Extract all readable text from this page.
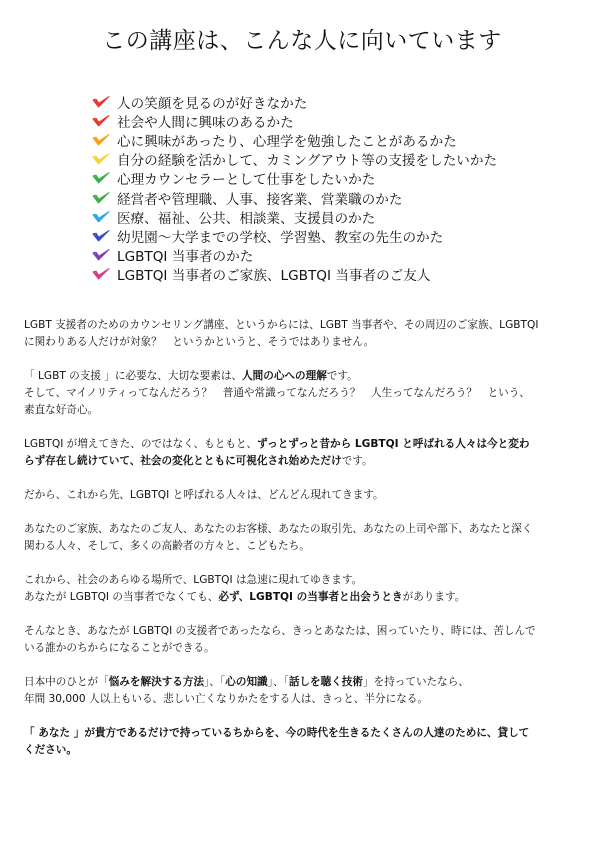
この講座は、こんな人に向いています
人の笑顔を見るのが好きなかた
社会や人間に興味のあるかた
心に興味があったり、心理学を勉強したことがあるかた
自分の経験を活かして、カミングアウト等の支援をしたいかた
心理カウンセラーとして仕事をしたいかた
経営者や管理職、人事、接客業、営業職のかた
医療、福祉、公共、相談業、支援員のかた
幼児園～大学までの学校、学習塾、教室の先生のかた
LGBTQI 当事者のかた
LGBTQI 当事者のご家族、LGBTQI 当事者のご友人

LGBT 支援者のためのカウンセリング講座、というからには、LGBT 当事者や、その周辺のご家族、LGBTQI
に関わりある人だけが対象？　というかというと、そうではありません。

「 LGBT の支援 」に必要な、大切な要素は、人間の心への理解です。
そして、マイノリティってなんだろう？　普通や常識ってなんだろう？　人生ってなんだろう？　という、
素直な好奇心。

LGBTQI が増えてきた、のではなく、もともと、ずっとずっと昔から LGBTQI と呼ばれる人々は今と変わ
らず存在し続けていて、社会の変化とともに可視化され始めただけです。

だから、これから先、LGBTQI と呼ばれる人々は、どんどん現れてきます。

あなたのご家族、あなたのご友人、あなたのお客様、あなたの取引先、あなたの上司や部下、あなたと深く
関わる人々、そして、多くの高齢者の方々と、こどもたち。

これから、社会のあらゆる場所で、LGBTQI は急速に現れてゆきます。
あなたが LGBTQI の当事者でなくても、必ず、LGBTQI の当事者と出会うときがあります。

そんなとき、あなたが LGBTQI の支援者であったなら、きっとあなたは、困っていたり、時には、苦しんで
いる誰かのちからになることができる。

日本中のひとが「悩みを解決する方法」、「心の知識」、「話しを聴く技術」を持っていたなら、
年間 30,000 人以上もいる、悲しい亡くなりかたをする人は、きっと、半分になる。

「 あなた 」が貴方であるだけで持っているちからを、今の時代を生きるたくさんの人達のために、貸して
ください。
